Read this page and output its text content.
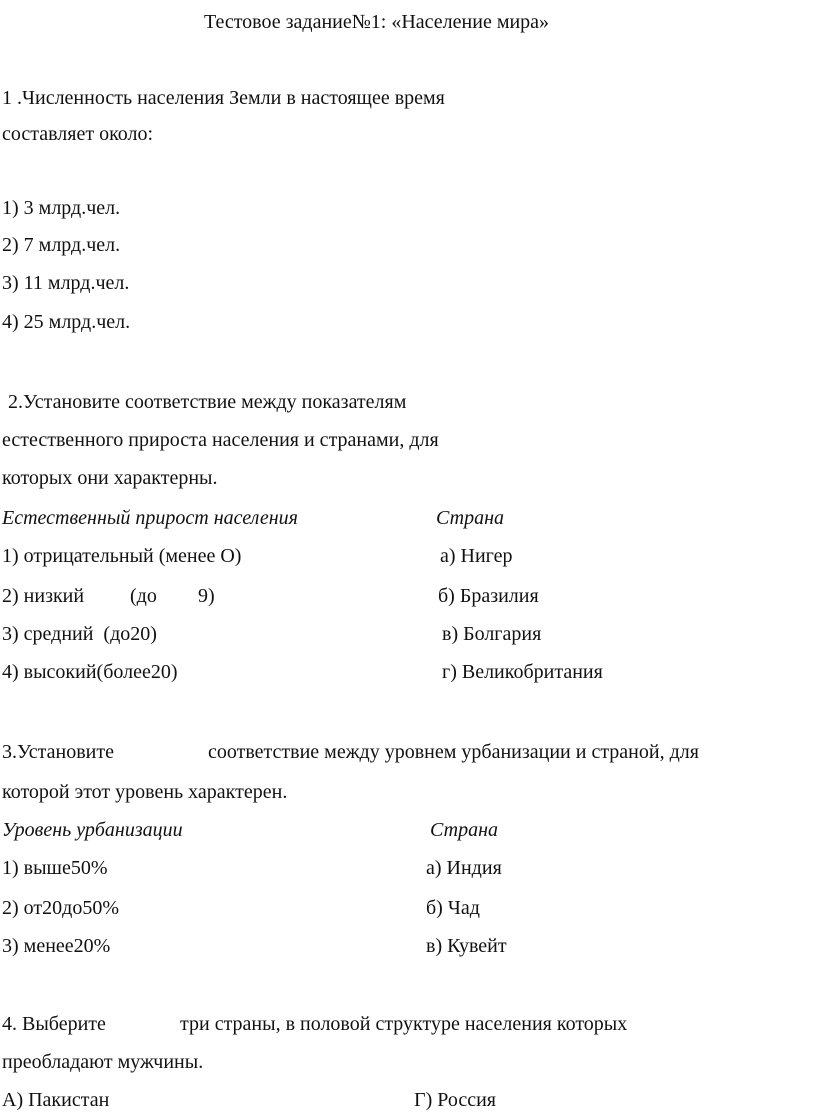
Тестовое задание№1: «Население мира»
1 .Численность населения Земли в настоящее время
составляет около:
1) 3 млрд.чел.
2) 7 млрд.чел.
3) 11 млрд.чел.
4) 25 млрд.чел.
2.Установите соответствие между показателям
естественного прироста населения и странами, для
которых они характерны.
Естественный прирост населения	Страна
1) отрицательный (менее О)	а) Нигер
2) низкий (до 9)	б) Бразилия
3) средний  (до20)	в) Болгария
4) высокий(более20)	г) Великобритания
3.Установите	соответствие между уровнем урбанизации и страной, для
которой этот уровень характерен.
Уровень урбанизации	Страна
1) выше50%	а) Индия
2) от20до50%	б) Чад
3) менее20%	в) Кувейт
4. Выберите	три страны, в половой структуре населения которых
преобладают мужчины.
А) Пакистан	Г) Россия
